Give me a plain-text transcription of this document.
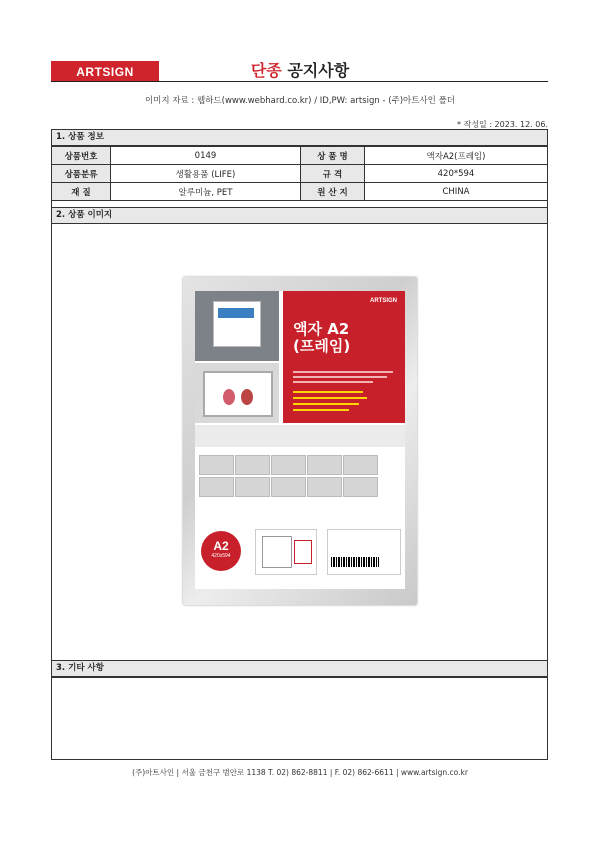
ARTSIGN	단종 공지사항
이미지 자료 : 웹하드(www.webhard.co.kr) / ID,PW: artsign - (주)아트사인 폴더
* 작성일 : 2023. 12. 06.
1. 상품 정보
상품번호	0149	상 품 명	액자A2(프레임)
상품분류	생활용품 (LIFE)	규 격	420*594
재 질	알루미늄, PET	원 산 지	CHINA
2. 상품 이미지
ARTSIGN
액자 A2
(프레임)
A2
420x594
3. 기타 사항
(주)아트사인 | 서울 금천구 범안로 1138 T. 02) 862-8811 | F. 02) 862-6611 | www.artsign.co.kr
